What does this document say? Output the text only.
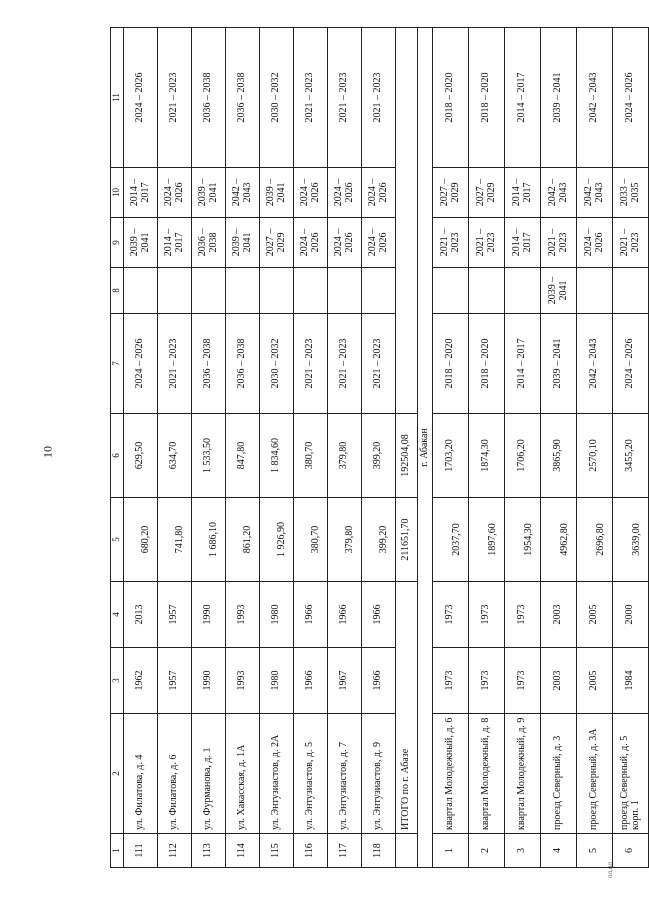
10
ɑɑ,ɑɑ
1	2	3	4	5	6	7	8	9	10	11
111	ул. Филатова, д. 4	1962	2013	680,20	629,50	2024 – 2026		2039 – 2041	2014 – 2017	2024 – 2026
112	ул. Филатова, д. 6	1957	1957	741,80	634,70	2021 – 2023		2014 – 2017	2024 – 2026	2021 – 2023
113	ул. Фурманова, д. 1	1990	1990	1 686,10	1 533,50	2036 – 2038		2036 – 2038	2039 – 2041	2036 – 2038
114	ул. Хакасская, д. 1А	1993	1993	861,20	847,80	2036 – 2038		2039 – 2041	2042 – 2043	2036 – 2038
115	ул. Энтузиастов, д. 2А	1980	1980	1 926,90	1 834,60	2030 – 2032		2027 – 2029	2039 – 2041	2030 – 2032
116	ул. Энтузиастов, д. 5	1966	1966	380,70	380,70	2021 – 2023		2024 – 2026	2024 – 2026	2021 – 2023
117	ул. Энтузиастов, д. 7	1967	1966	379,80	379,80	2021 – 2023		2024 – 2026	2024 – 2026	2021 – 2023
118	ул. Энтузиастов, д. 9	1966	1966	399,20	399,20	2021 – 2023		2024 – 2026	2024 – 2026	2021 – 2023
	ИТОГО по г. Абазе			211651,70	192504,08					
г. Абакан										
1	квартал Молодежный, д. 6	1973	1973	2037,70	1703,20	2018 – 2020		2021 – 2023	2027 – 2029	2018 – 2020
2	квартал Молодежный, д. 8	1973	1973	1897,60	1874,30	2018 – 2020		2021 – 2023	2027 – 2029	2018 – 2020
3	квартал Молодежный, д. 9	1973	1973	1954,30	1706,20	2014 – 2017		2014 – 2017	2014 – 2017	2014 – 2017
4	проезд Северный, д. 3	2003	2003	4962,80	3865,90	2039 – 2041	2039 – 2041	2021 – 2023	2042 – 2043	2039 – 2041
5	проезд Северный, д. 3А	2005	2005	2696,80	2570,10	2042 – 2043		2024 – 2026	2042 – 2043	2042 – 2043
6	проезд Северный, д. 5 корп. 1	1984	2000	3639,00	3455,20	2024 – 2026		2021 – 2023	2033 – 2035	2024 – 2026
